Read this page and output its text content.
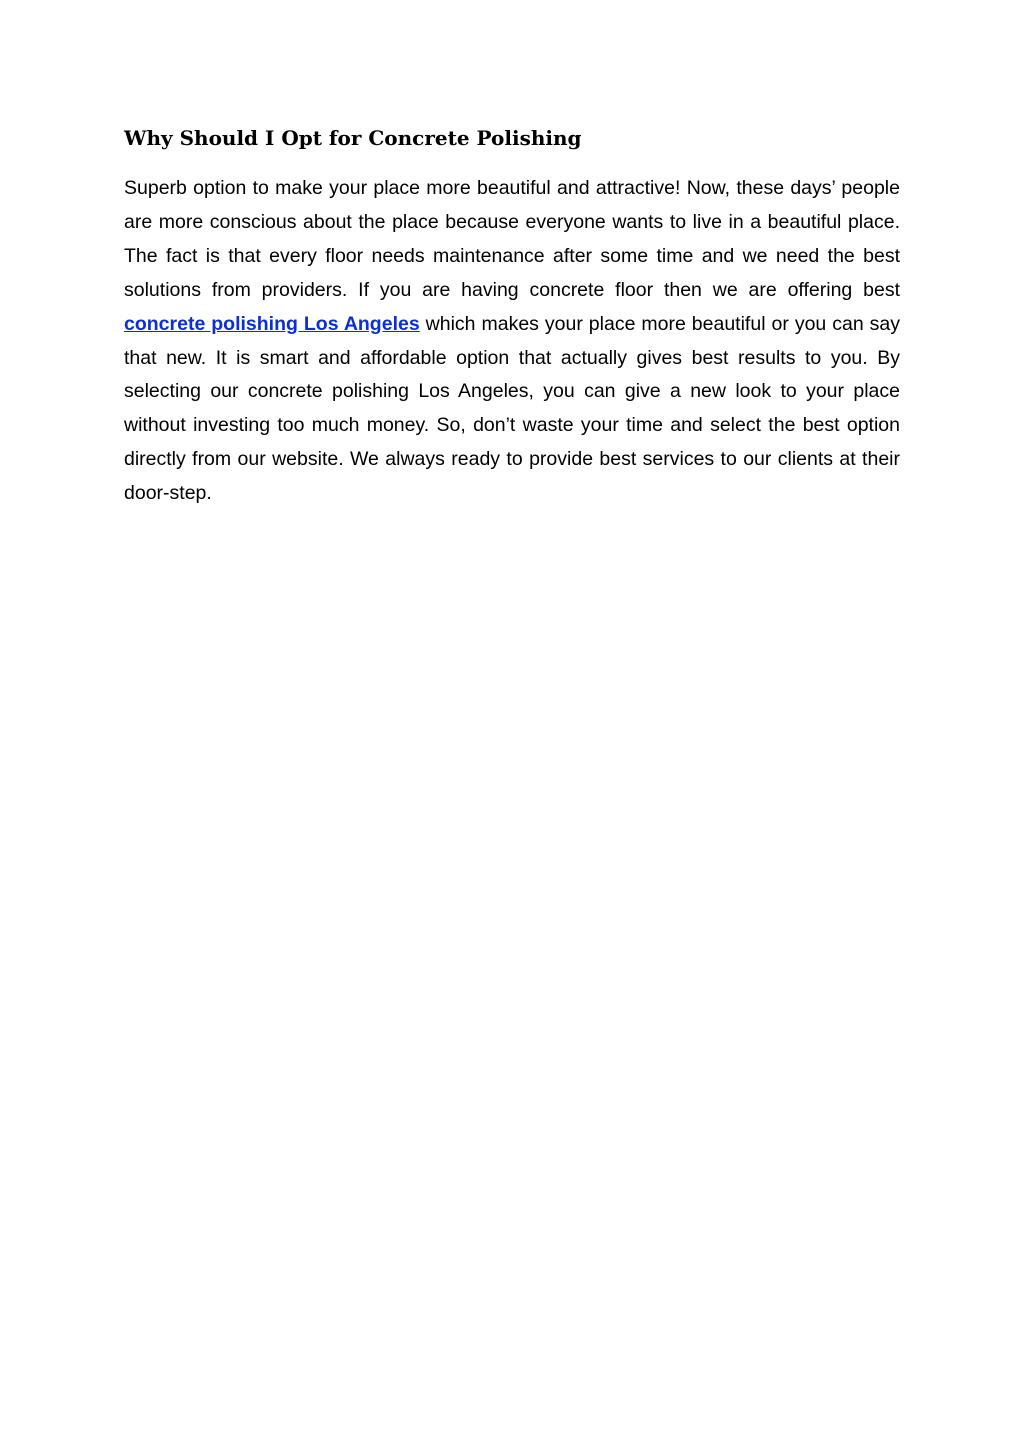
Why Should I Opt for Concrete Polishing

Superb option to make your place more beautiful and attractive! Now, these days’ people are more conscious about the place because everyone wants to live in a beautiful place. The fact is that every floor needs maintenance after some time and we need the best solutions from providers. If you are having concrete floor then we are offering best concrete polishing Los Angeles which makes your place more beautiful or you can say that new. It is smart and affordable option that actually gives best results to you. By selecting our concrete polishing Los Angeles, you can give a new look to your place without investing too much money. So, don’t waste your time and select the best option directly from our website. We always ready to provide best services to our clients at their door-step.
